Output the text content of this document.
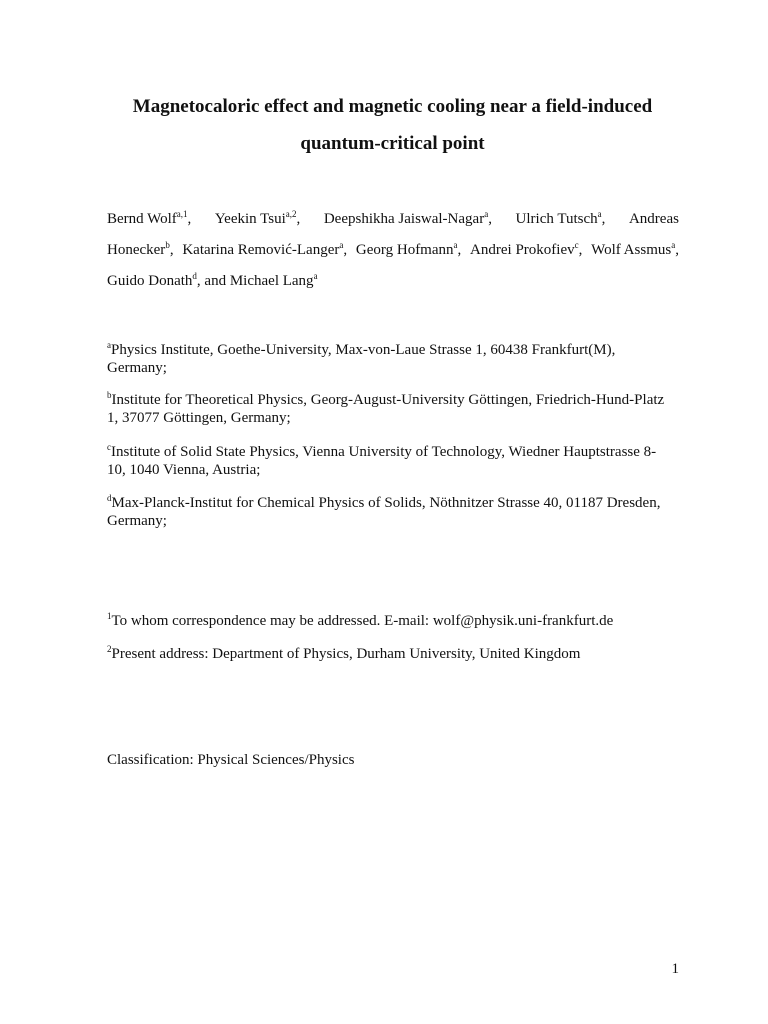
Magnetocaloric effect and magnetic cooling near a field-induced
quantum-critical point
Bernd Wolf$^{a,1}$, Yeekin Tsui$^{a,2}$, Deepshikha Jaiswal-Nagar$^a$, Ulrich Tutsch$^a$, Andreas
Honecker$^b$, Katarina Remović-Langer$^a$, Georg Hofmann$^a$, Andrei Prokofiev$^c$, Wolf Assmus$^a$,
Guido Donath$^d$, and Michael Lang$^a$
$^a$Physics Institute, Goethe-University, Max-von-Laue Strasse 1, 60438 Frankfurt(M),
Germany;
$^b$Institute for Theoretical Physics, Georg-August-University Göttingen, Friedrich-Hund-Platz
1, 37077 Göttingen, Germany;
$^c$Institute of Solid State Physics, Vienna University of Technology, Wiedner Hauptstrasse 8-
10, 1040 Vienna, Austria;
$^d$Max-Planck-Institut for Chemical Physics of Solids, Nöthnitzer Strasse 40, 01187 Dresden,
Germany;
$^1$To whom correspondence may be addressed. E-mail: wolf@physik.uni-frankfurt.de
$^2$Present address: Department of Physics, Durham University, United Kingdom
Classification: Physical Sciences/Physics
1
